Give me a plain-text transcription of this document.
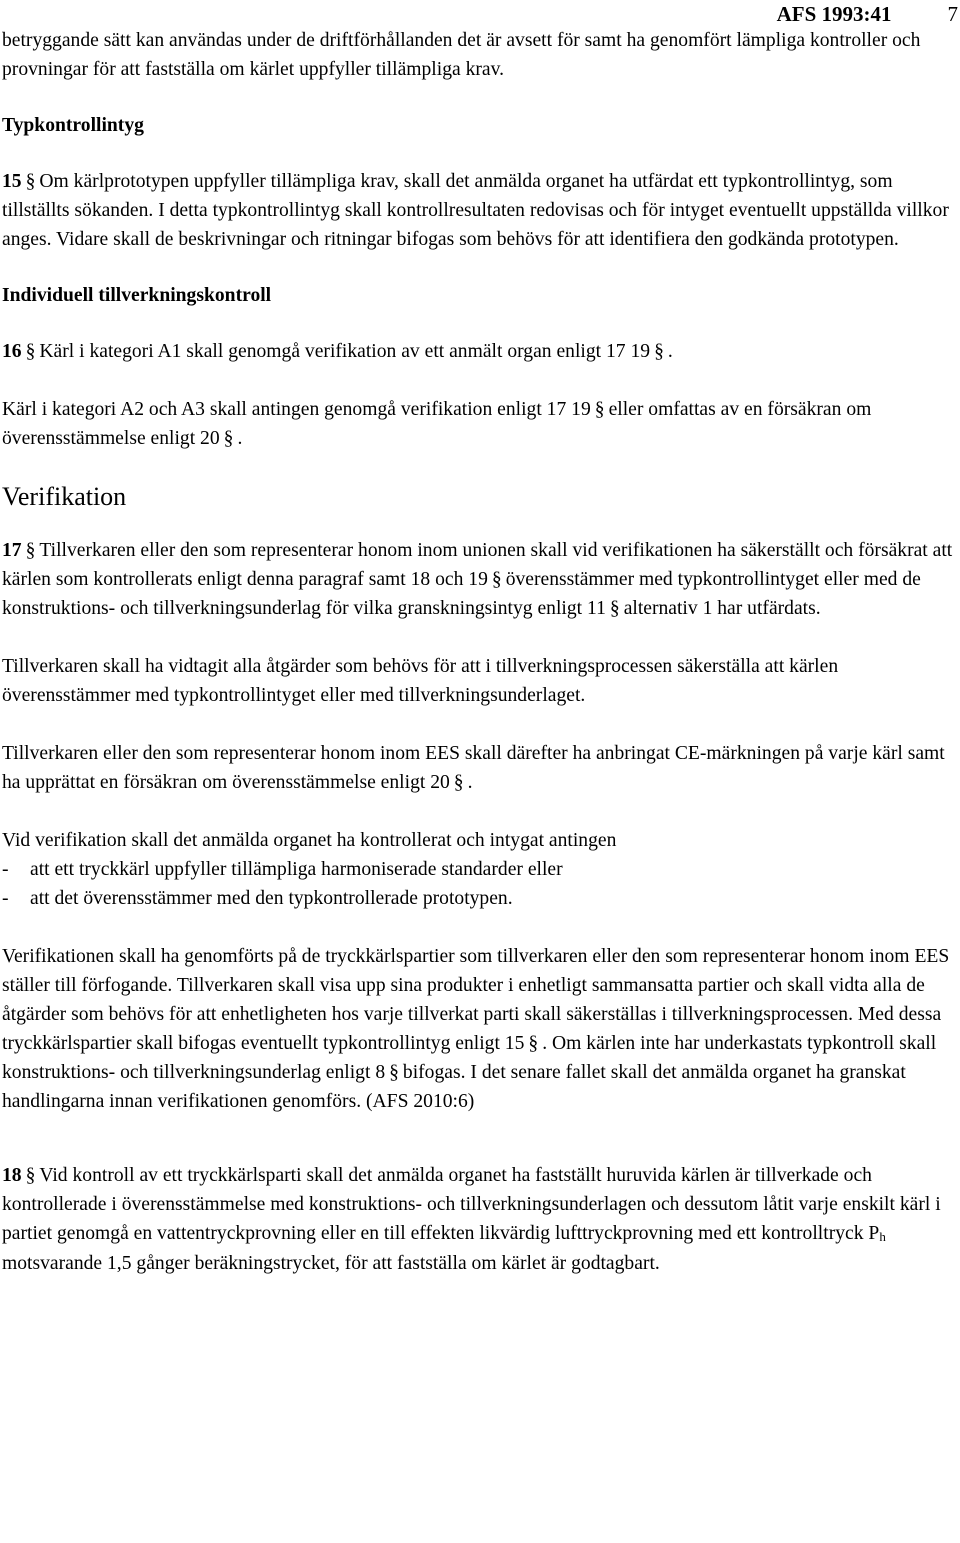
AFS 1993:41	7

betryggande sätt kan användas under de driftförhållanden det är avsett för samt ha genomfört lämpliga kontroller och provningar för att fastställa om kärlet uppfyller tillämpliga krav.

Typkontrollintyg

15 § Om kärlprototypen uppfyller tillämpliga krav, skall det anmälda organet ha utfärdat ett typkontrollintyg, som tillställts sökanden. I detta typkontrollintyg skall kontrollresultaten redovisas och för intyget eventuellt uppställda villkor anges. Vidare skall de beskrivningar och ritningar bifogas som behövs för att identifiera den godkända prototypen.

Individuell tillverkningskontroll

16 § Kärl i kategori A1 skall genomgå verifikation av ett anmält organ enligt 17 19 § .

Kärl i kategori A2 och A3 skall antingen genomgå verifikation enligt 17 19 § eller omfattas av en försäkran om överensstämmelse enligt 20 § .

Verifikation

17 § Tillverkaren eller den som representerar honom inom unionen skall vid verifikationen ha säkerställt och försäkrat att kärlen som kontrollerats enligt denna paragraf samt 18 och 19 § överensstämmer med typkontrollintyget eller med de konstruktions- och tillverkningsunderlag för vilka granskningsintyg enligt 11 § alternativ 1 har utfärdats.

Tillverkaren skall ha vidtagit alla åtgärder som behövs för att i tillverkningsprocessen säkerställa att kärlen överensstämmer med typkontrollintyget eller med tillverkningsunderlaget.

Tillverkaren eller den som representerar honom inom EES skall därefter ha anbringat CE-märkningen på varje kärl samt ha upprättat en försäkran om överensstämmelse enligt 20 § .

Vid verifikation skall det anmälda organet ha kontrollerat och intygat antingen
- att ett tryckkärl uppfyller tillämpliga harmoniserade standarder eller
- att det överensstämmer med den typkontrollerade prototypen.

Verifikationen skall ha genomförts på de tryckkärlspartier som tillverkaren eller den som representerar honom inom EES ställer till förfogande. Tillverkaren skall visa upp sina produkter i enhetligt sammansatta partier och skall vidta alla de åtgärder som behövs för att enhetligheten hos varje tillverkat parti skall säkerställas i tillverkningsprocessen. Med dessa tryckkärlspartier skall bifogas eventuellt typkontrollintyg enligt 15 § . Om kärlen inte har underkastats typkontroll skall konstruktions- och tillverkningsunderlag enligt 8 § bifogas. I det senare fallet skall det anmälda organet ha granskat handlingarna innan verifikationen genomförs. (AFS 2010:6)

18 § Vid kontroll av ett tryckkärlsparti skall det anmälda organet ha fastställt huruvida kärlen är tillverkade och kontrollerade i överensstämmelse med konstruktions- och tillverkningsunderlagen och dessutom låtit varje enskilt kärl i partiet genomgå en vattentryckprovning eller en till effekten likvärdig lufttryckprovning med ett kontrolltryck $P_h$ motsvarande 1,5 gånger beräkningstrycket, för att fastställa om kärlet är godtagbart.
